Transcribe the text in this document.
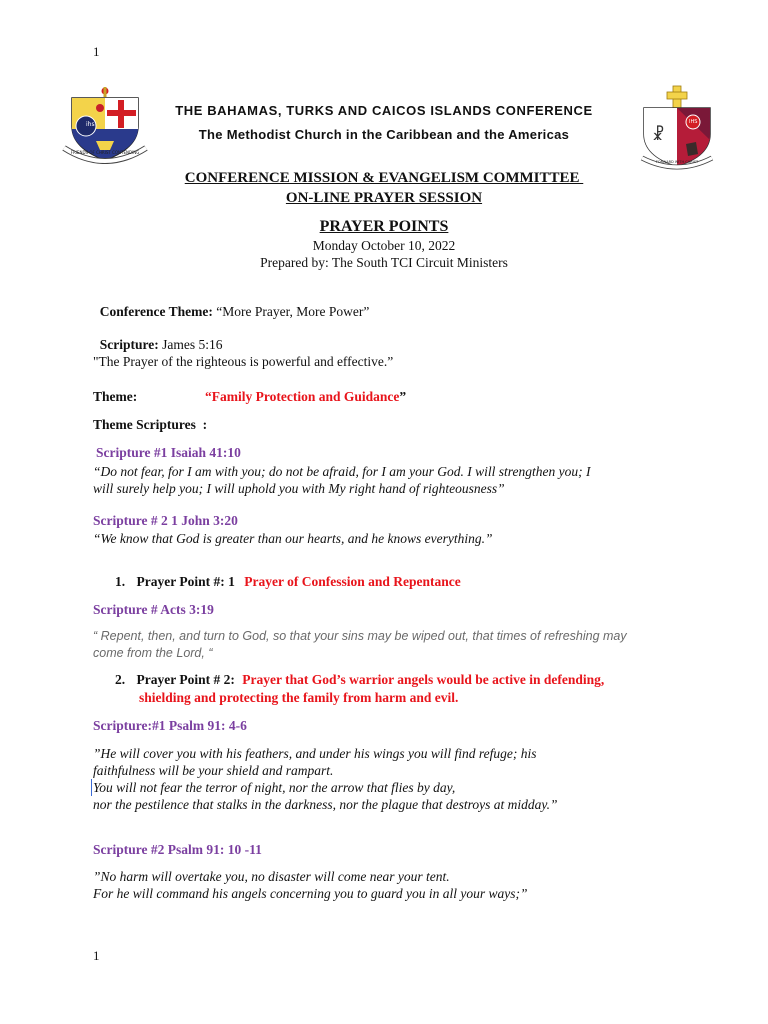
1
1
ihs
FRIENDS OF CHRIST CONTENDING
☧
IHS
FORWARD WITH CHRIST
THE BAHAMAS, TURKS AND CAICOS ISLANDS CONFERENCE
The Methodist Church in the Caribbean and the Americas
CONFERENCE MISSION & EVANGELISM COMMITTEE
ON-LINE PRAYER SESSION
PRAYER POINTS
Monday October 10, 2022
Prepared by: The South TCI Circuit Ministers

Conference Theme: “More Prayer, More Power”

Scripture: James 5:16

"The Prayer of the righteous is powerful and effective.”
Theme:	“Family Protection and Guidance”
Theme Scriptures  :
Scripture #1 Isaiah 41:10
“Do not fear, for I am with you; do not be afraid, for I am your God. I will strengthen you; I
will surely help you; I will uphold you with My right hand of righteousness”
Scripture # 2 1 John 3:20
“We know that God is greater than our hearts, and he knows everything.”
1. Prayer Point #: 1 Prayer of Confession and Repentance
Scripture # Acts 3:19
“ Repent, then, and turn to God, so that your sins may be wiped out, that times of refreshing may
come from the Lord, “
2. Prayer Point # 2: Prayer that God’s warrior angels would be active in defending,
shielding and protecting the family from harm and evil.
Scripture:#1 Psalm 91: 4-6
”He will cover you with his feathers, and under his wings you will find refuge; his
faithfulness will be your shield and rampart.
You will not fear the terror of night, nor the arrow that flies by day,
nor the pestilence that stalks in the darkness, nor the plague that destroys at midday.”
Scripture #2 Psalm 91: 10 -11
”No harm will overtake you, no disaster will come near your tent.
For he will command his angels concerning you to guard you in all your ways;”
